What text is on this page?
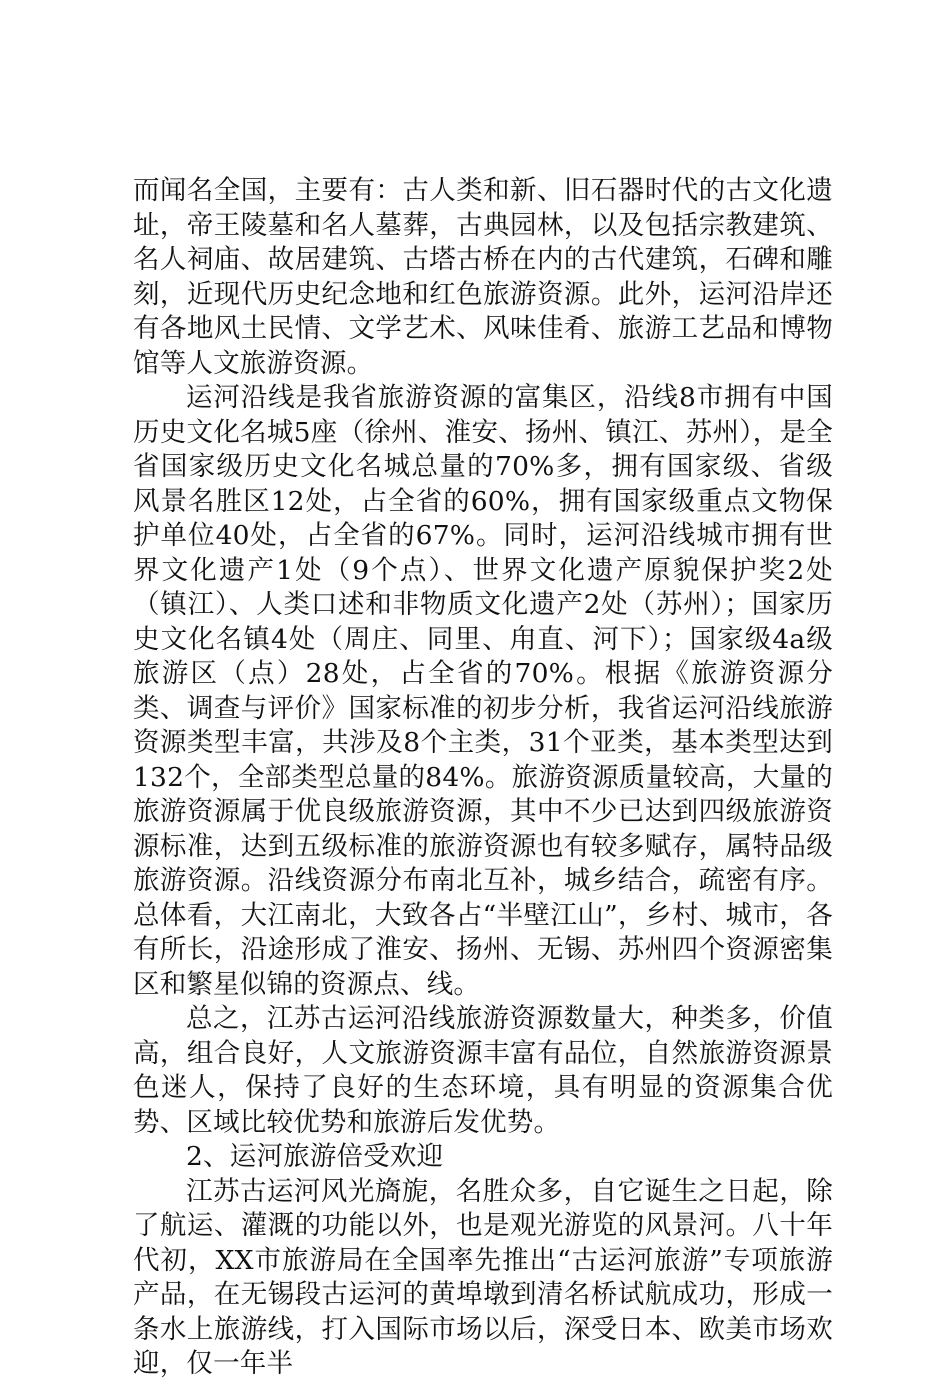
而闻名全国，主要有：古人类和新、旧石器时代的古文化遗址，帝王陵墓和名人墓葬，古典园林，以及包括宗教建筑、名人祠庙、故居建筑、古塔古桥在内的古代建筑，石碑和雕刻，近现代历史纪念地和红色旅游资源。此外，运河沿岸还有各地风土民情、文学艺术、风味佳肴、旅游工艺品和博物馆等人文旅游资源。

运河沿线是我省旅游资源的富集区，沿线8市拥有中国历史文化名城5座（徐州、淮安、扬州、镇江、苏州），是全省国家级历史文化名城总量的70%多，拥有国家级、省级风景名胜区12处，占全省的60%，拥有国家级重点文物保护单位40处，占全省的67%。同时，运河沿线城市拥有世界文化遗产1处（9个点）、世界文化遗产原貌保护奖2处（镇江）、人类口述和非物质文化遗产2处（苏州）；国家历史文化名镇4处（周庄、同里、甪直、河下）；国家级4a级旅游区（点）28处，占全省的70%。根据《旅游资源分类、调查与评价》国家标准的初步分析，我省运河沿线旅游资源类型丰富，共涉及8个主类，31个亚类，基本类型达到132个，全部类型总量的84%。旅游资源质量较高，大量的旅游资源属于优良级旅游资源，其中不少已达到四级旅游资源标准，达到五级标准的旅游资源也有较多赋存，属特品级旅游资源。沿线资源分布南北互补，城乡结合，疏密有序。总体看，大江南北，大致各占“半壁江山”，乡村、城市，各有所长，沿途形成了淮安、扬州、无锡、苏州四个资源密集区和繁星似锦的资源点、线。

总之，江苏古运河沿线旅游资源数量大，种类多，价值高，组合良好，人文旅游资源丰富有品位，自然旅游资源景色迷人，保持了良好的生态环境，具有明显的资源集合优势、区域比较优势和旅游后发优势。

2、运河旅游倍受欢迎

江苏古运河风光旖旎，名胜众多，自它诞生之日起，除了航运、灌溉的功能以外，也是观光游览的风景河。八十年代初，XX市旅游局在全国率先推出“古运河旅游”专项旅游产品，在无锡段古运河的黄埠墩到清名桥试航成功，形成一条水上旅游线，打入国际市场以后，深受日本、欧美市场欢迎，仅一年半
